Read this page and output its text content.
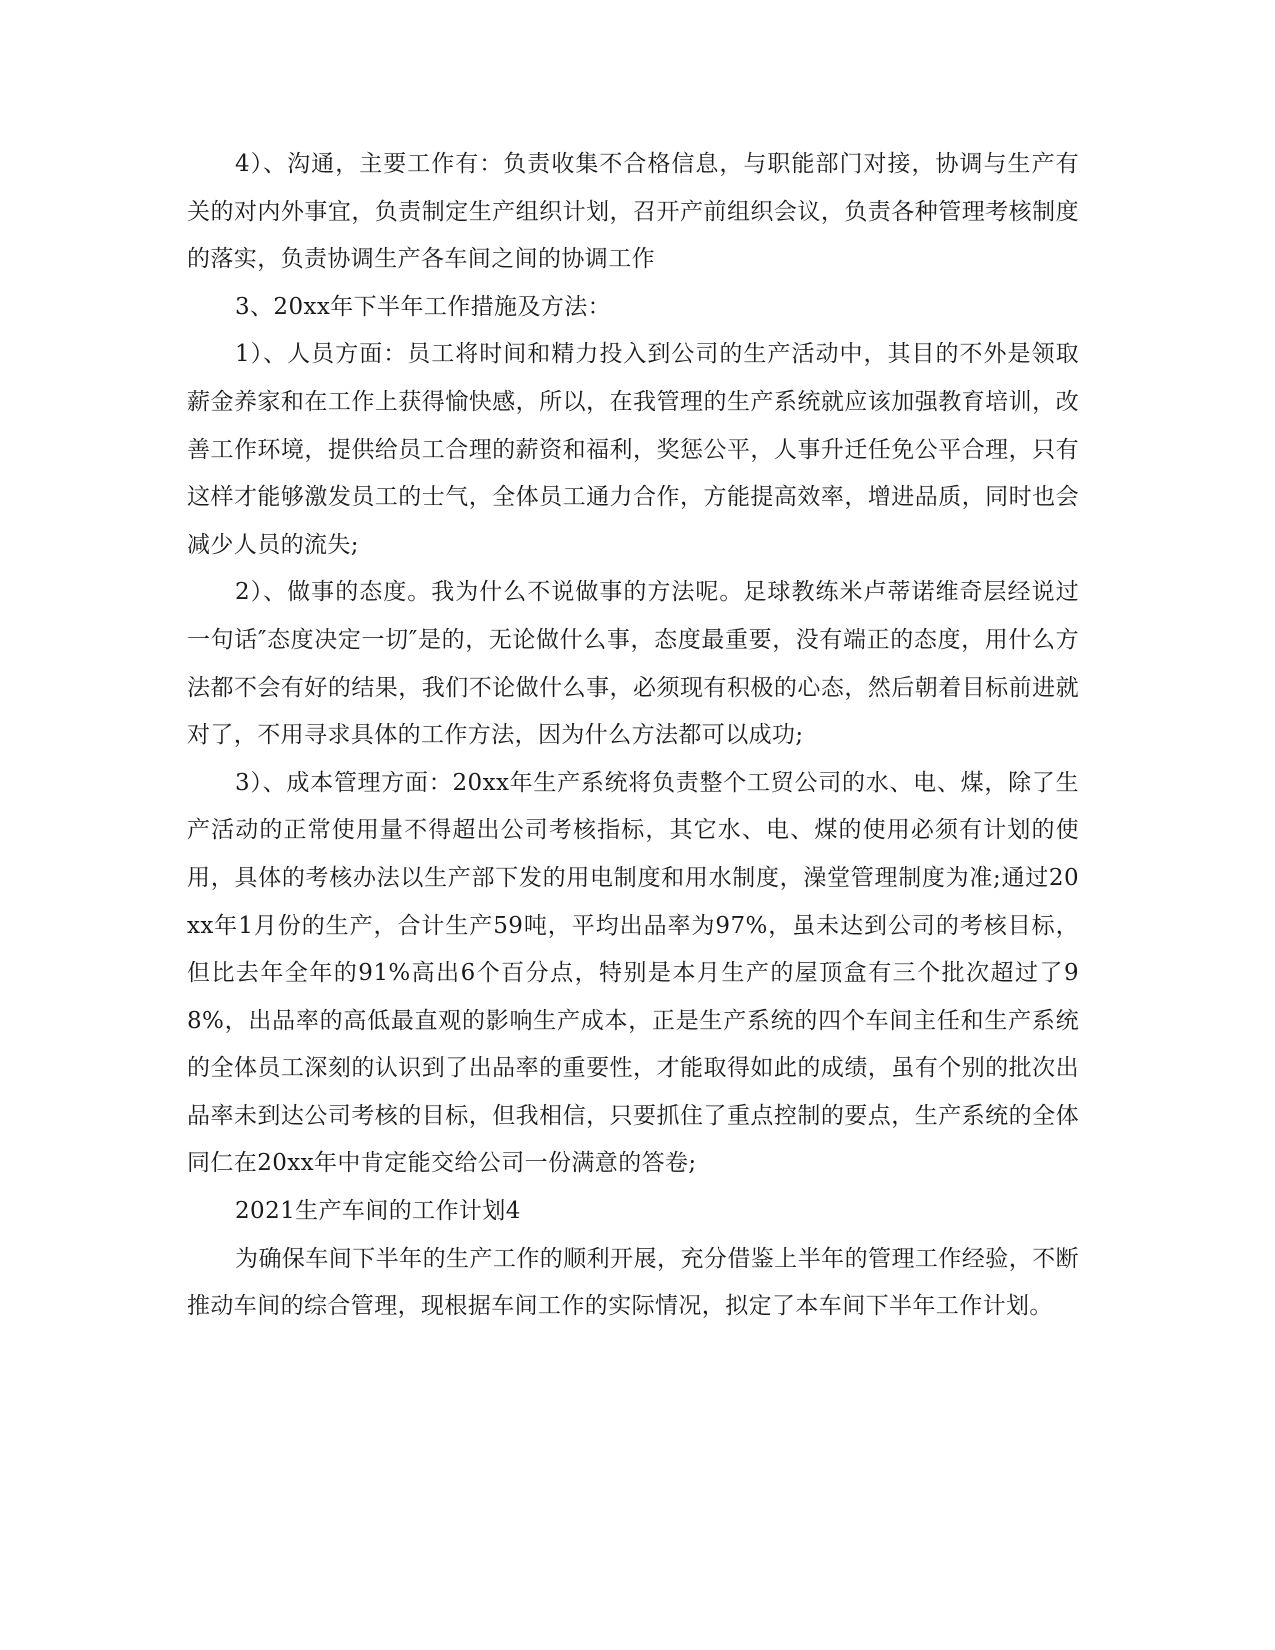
4）、沟通，主要工作有：负责收集不合格信息，与职能部门对接，协调与生产有关的对内外事宜，负责制定生产组织计划，召开产前组织会议，负责各种管理考核制度的落实，负责协调生产各车间之间的协调工作

3、20xx年下半年工作措施及方法：

1）、人员方面：员工将时间和精力投入到公司的生产活动中，其目的不外是领取薪金养家和在工作上获得愉快感，所以，在我管理的生产系统就应该加强教育培训，改善工作环境，提供给员工合理的薪资和福利，奖惩公平，人事升迁任免公平合理，只有这样才能够激发员工的士气，全体员工通力合作，方能提高效率，增进品质，同时也会减少人员的流失;

2）、做事的态度。我为什么不说做事的方法呢。足球教练米卢蒂诺维奇层经说过一句话″态度决定一切″是的，无论做什么事，态度最重要，没有端正的态度，用什么方法都不会有好的结果，我们不论做什么事，必须现有积极的心态，然后朝着目标前进就对了，不用寻求具体的工作方法，因为什么方法都可以成功;

3）、成本管理方面：20xx年生产系统将负责整个工贸公司的水、电、煤，除了生产活动的正常使用量不得超出公司考核指标，其它水、电、煤的使用必须有计划的使用，具体的考核办法以生产部下发的用电制度和用水制度，澡堂管理制度为准;通过20xx年1月份的生产，合计生产59吨，平均出品率为97%，虽未达到公司的考核目标，但比去年全年的91%高出6个百分点，特别是本月生产的屋顶盒有三个批次超过了98%，出品率的高低最直观的影响生产成本，正是生产系统的四个车间主任和生产系统的全体员工深刻的认识到了出品率的重要性，才能取得如此的成绩，虽有个别的批次出品率未到达公司考核的目标，但我相信，只要抓住了重点控制的要点，生产系统的全体同仁在20xx年中肯定能交给公司一份满意的答卷;

2021生产车间的工作计划4

为确保车间下半年的生产工作的顺利开展，充分借鉴上半年的管理工作经验，不断推动车间的综合管理，现根据车间工作的实际情况，拟定了本车间下半年工作计划。
